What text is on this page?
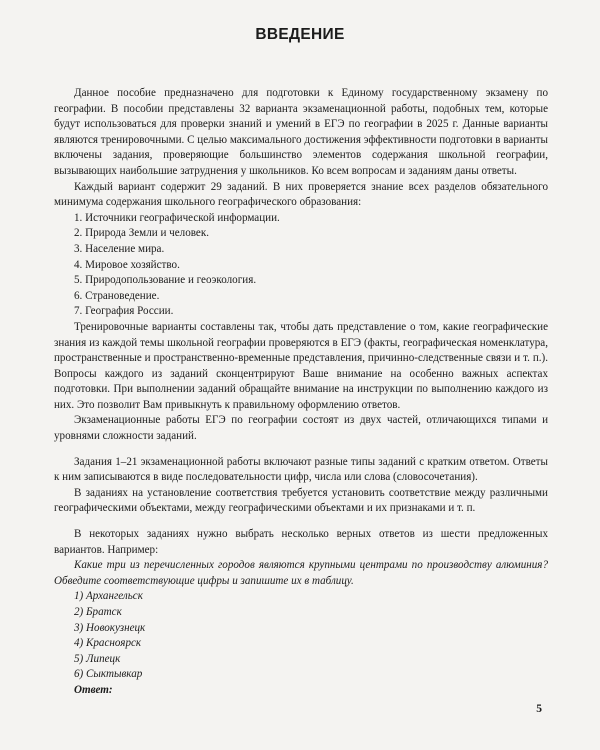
ВВЕДЕНИЕ

Данное пособие предназначено для подготовки к Единому государственному экзамену по географии. В пособии представлены 32 варианта экзаменационной работы, подобных тем, которые будут использоваться для проверки знаний и умений в ЕГЭ по географии в 2025 г. Данные варианты являются тренировочными. С целью максимального достижения эффективности подготовки в варианты включены задания, проверяющие большинство элементов содержания школьной географии, вызывающих наибольшие затруднения у школьников. Ко всем вопросам и заданиям даны ответы.

Каждый вариант содержит 29 заданий. В них проверяется знание всех разделов обязательного минимума содержания школьного географического образования:

1. Источники географической информации.

2. Природа Земли и человек.

3. Население мира.

4. Мировое хозяйство.

5. Природопользование и геоэкология.

6. Страноведение.

7. География России.

Тренировочные варианты составлены так, чтобы дать представление о том, какие географические знания из каждой темы школьной географии проверяются в ЕГЭ (факты, географическая номенклатура, пространственные и пространственно-временные представления, причинно-следственные связи и т. п.). Вопросы каждого из заданий сконцентрируют Ваше внимание на особенно важных аспектах подготовки. При выполнении заданий обращайте внимание на инструкции по выполнению каждого из них. Это позволит Вам привыкнуть к правильному оформлению ответов.

Экзаменационные работы ЕГЭ по географии состоят из двух частей, отличающихся типами и уровнями сложности заданий.

Задания 1–21 экзаменационной работы включают разные типы заданий с кратким ответом. Ответы к ним записываются в виде последовательности цифр, числа или слова (словосочетания).

В заданиях на установление соответствия требуется установить соответствие между различными географическими объектами, между географическими объектами и их признаками и т. п.

В некоторых заданиях нужно выбрать несколько верных ответов из шести предложенных вариантов. Например:

Какие три из перечисленных городов являются крупными центрами по производству алюминия? Обведите соответствующие цифры и запишите их в таблицу.

1) Архангельск

2) Братск

3) Новокузнецк

4) Красноярск

5) Липецк

6) Сыктывкар

Ответ:

5
